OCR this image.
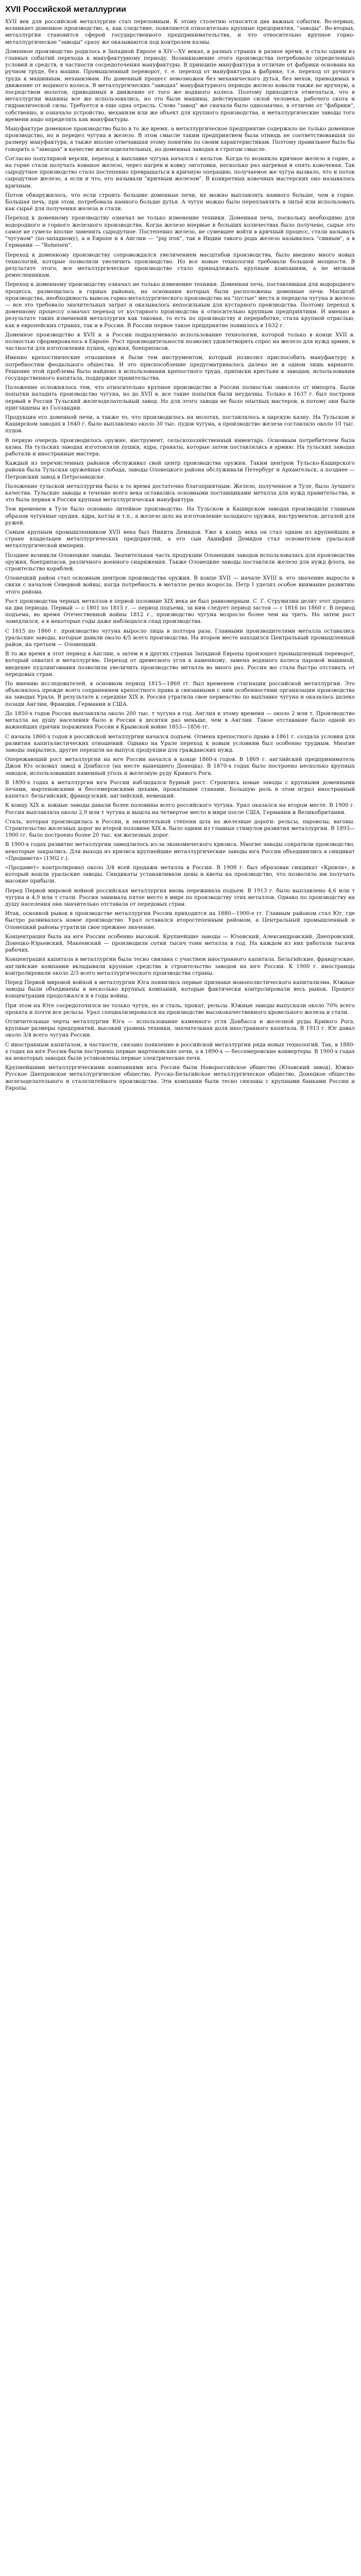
XVII Российской металлургии

XVII век для российской металлургии стал переломным. К этому столетию относятся два важных события. Во-первых, возникает доменное производство, а, как следствие, появляются относительно крупные предприятия, "заводы". Во-вторых, металлургия становится сферой государственного предпринимательства, и что относительно крупное горно-металлургическое "заводы" сразу же оказываются под контролем казны.

Доменное производство родилось в Западной Европе в XIV—XV веках, в разных странах и разное время, и стало одним из главных событий перехода к мануфактурному периоду. Возникновение этого производства потребовало определенных условий и средств, в частности сосредоточения мануфактуры. В принципе мануфактура в отличие от фабрики основана на ручном труде, без машин. Промышленный переворот, т. е. переход от мануфактуры к фабрике, т.е. переход от ручного труда к машинным, механизмам. Но доменный процесс невозможен без механического дутья, без мехов, приводимых в движение от водяного колеса. В металлургических "заводах" мануфактурного периода железо ковали также не вручную, а посредством молотов, приводимых в движение от того же водяного колеса. Поэтому приходится отмечаться, что в металлургии машины все же использовались, но это были машины, действующие силой человека, рабочего скота и гидравлической силы. Требуется в еще одна отрасль. Слово "завод" же сначала было однозначно, в отличие от "фабрики", собственно, и означало устройство, механизм или же объект для крупного производства, и металлургические заводы того времени надо определять как мануфактуры.

Мануфактуре доменное производство было в то же время, а металлургическое предприятие содержало не только доменное производство, но и передел чугуна в железо. В этом смысле таким предприятием была отнюдь не соответствовавшая по размеру мануфактура, а также вполне отвечавшая этому понятию по своим характеристикам. Поэтому правильнее было бы говорить о "заводах" в качестве железоделательных, но доменных заводах в строгом смысле.

Согласно популярной версии, переход к выплавке чугуна начался с кельтов. Когда-то возникло кричное железо в горне, а на горне стали получать кованое железо, через нагрев и ковку заготовки, несколько раз нагревая и опять ковочевая. Так сыродутное производство стало постепенно превращаться в кричную операцию, получаемое же чугун вызвало, что и поток сыродутное железо, а если и что, его называли "кричным железом". В конкретных ковочных мастерских оно называлось кричным.

Потом обнаружилось, что если строить большие доменные печи, их можно выплавлять намного больше, чем в горне. Большая печь, при этом, потребовала намного больше дутья. А чугун можно было переплавлять в литьё или использовать как сырьё для получения железа и стали.

Переход к доменному производству означал не только изменение техники. Доменная печь, поскольку необходимо для водородного и горного железного производства. Когда железо впервые в больших количествах было получено, сырье это самое не сумело вполне заменить сыродутное. Постепенно железо, не сумевшее войти в кричный процесс, стали называть "чугуном" (по-западному), а в Европе и в Англии — "pig iron", так в Индии такого рода железо называлось "свиным", а в Германии — "Roheisen".

Переход к доменному производству сопровождался увеличением масштабов производства, было введено много новых технологий, которые позволили увеличить производство. Но все новые технологии требовали большой мощности. В результате этого, все металлургическое производство стало принадлежать крупным компаниям, а не мелким ремесленникам.

Переход к доменному производству означал не только изменение техники. Доменная печь, поставлявшая для водородного процесса, размещалась в горных районах, на основании которых были расположены доменные печи. Масштаб производства, необходимость вывоза горно-металлургического производства на "пустые" места и передела чугуна в железо — все это требовало значительных затрат и оказывалось непосильным для кустарного производства. Поэтому переход к доменному процессу означал переход от кустарного производства к относительно крупным предприятиям. И именно в результате таких изменений металлургия как таковая, то есть по производству и переработке, стала крупной отраслью, как в европейских странах, так и в России. В России первое такое предприятие появилось в 1632 г.

Доменное производство в XVII в. в России подразумевало использование технологии, которой только в конце XVII в. полностью сформировалось в Европе. Рост производительности позволил удовлетворить спрос на железо для нужд армии, в частности для изготовления пушек, оружия, боеприпасов.

Именно крепостнические отношения и были тем инструментом, который позволил приспособить мануфактуру к потребностям феодального общества. И это приспособление предусматривалось далеко не в одном лишь варианте. Решение этой проблемы было найдено в использовании крепостного труда, приписки крестьян к заводам, использовании государственного капитала, поддержке правительства.

Положение осложнялось тем, что относительно крупное производство в России полностью зависело от импорта. Были попытки наладить производство чугуна, но до XVII в. все такие попытки были неудачны. Только в 1637 г. был построен первый в России Тульский железоделательный завод. Но для этого завода не было опытных мастеров, и потому они были приглашены из Голландии.

Продукция его доменной печи, а также то, что производилось на молотах, поставлялось в царскую казну. На Тульском и Каширском заводах в 1640 г. было выплавлено около 30 тыс. пудов чугуна, а производство железа составляло около 10 тыс. пудов.

В первую очередь производилось оружие, инструмент, сельскохозяйственный инвентарь. Основным потребителем была казна. На тульских заводах изготовляли пушки, ядра, гранаты, которые затем поставлялись в армию. На тульских заводах работали и иностранные мастера.

Каждый из перечисленных районов обслуживал свой центр производства оружия. Таким центром Тульско-Каширского района была Тульская оружейная слобода, заводы Олонецкого района обслуживали Петербург и Архангельск, а позднее — Петровский завод в Петрозаводске.

Положение тульской металлургии было в то время достаточно благоприятным. Железо, полученное в Туле, было лучшего качества. Тульские заводы в течение всего века оставались основными поставщиками металла для нужд правительства, и это была первая в России крупная металлургическая мануфактура.

Тем временем в Туле было основано литейное производство. На Тульском и Каширском заводах производили главным образом чугунные орудия, ядра, котлы и т.п., а железо шло на изготовление холодного оружия, инструментов, деталей для ружей.

Самым крупным промышленником XVII века был Никита Демидов. Уже к концу века он стал одним из крупнейших в стране владельцев металлургических предприятий, а его сын Акинфий Демидов стал основателем уральской металлургической империи.

Позднее возникли Олонецкие заводы. Значительная часть продукции Олонецких заводов использовалась для производства оружия, боеприпасов, различного военного снаряжения. Также Олонецкие заводы поставляли железо для нужд флота, на строительство кораблей.

Олонецкий район стал основным центром производства оружия. В конце XVII — начале XVIII в. его значение выросло в связи с началом Северной войны, когда потребность в металле резко возросла. Петр I уделял особое внимание развитию этого района.

Рост производства черных металлов в первой половине XIX века не был равномерным. С. Г. Струмилин делит этот процесс на два периода. Первый — с 1801 по 1815 г. — период подъема, за ним следует период застоя — с 1816 по 1860 г. В период подъема, во время Отечественной войны 1812 г., производство чугуна возросло более чем на треть. Но затем рост замедлился, а в некоторые годы даже наблюдался спад производства.

С 1815 по 1860 г. производство чугуна выросло лишь в полтора раза. Главными производителями металла оставались уральские заводы, которые давали около 4/5 всего производства. На втором месте находился Центральный промышленный район, на третьем — Олонецкий.

В то же время в этот период в Англии, а затем и в других странах Западной Европы произошел промышленный переворот, который охватил и металлургию. Переход от древесного угля к каменному, замена водяного колеса паровой машиной, введение пудлингования позволили увеличить производство металла во много раз. Россия же стала быстро отставать от передовых стран.

По мнению исследователей, в основном период 1815—1860 гг. был временем стагнации российской металлургии. Это объяснялось прежде всего сохранением крепостного права и связанными с ним особенностями организации производства на заводах Урала. В результате к середине XIX в. Россия утратила свое первенство по выплавке чугуна и оказалась далеко позади Англии, Франции, Германии и США.

До 1850-х годов Россия выплавляла около 200 тыс. т чугуна в год. Англия к этому времени — около 2 млн т. Производство металла на душу населения было в России в десятки раз меньше, чем в Англии. Такое отставание было одной из важнейших причин поражения России в Крымской войне 1853—1856 гг.

С начала 1860-х годов в российской металлургии начался подъем. Отмена крепостного права в 1861 г. создала условия для развития капиталистических отношений. Однако на Урале переход к новым условиям был особенно трудным. Многие заводы закрылись, другие перешли на выпуск продукции для гражданских нужд.

Опережающий рост металлургии на юге России начался в конце 1860-х годов. В 1869 г. английский предприниматель Джон Юз основал завод в Донбассе (на месте нынешнего Донецка). В 1870-х годах было построено несколько крупных заводов, использовавших каменный уголь и железную руду Кривого Рога.

В 1890-х годах в металлургии юга России наблюдался бурный рост. Строились новые заводы с крупными доменными печами, мартеновскими и бессемеровскими цехами, прокатными станами. Большую роль в этом играл иностранный капитал: бельгийский, французский, английский, немецкий.

К концу XIX в. южные заводы давали более половины всего российского чугуна. Урал оказался на втором месте. В 1900 г. Россия выплавляла около 2,9 млн т чугуна и вышла на четвертое место в мире после США, Германии и Великобритании.

Сталь, которая производилась в России, в значительной степени шла на железные дороги: рельсы, паровозы, вагоны. Строительство железных дорог во второй половине XIX в. было одним из главных стимулов развития металлургии. В 1893—1900 гг. было построено более 20 тыс. км железных дорог.

В 1900-х годах развитие металлургии замедлилось из-за экономического кризиса. Многие заводы сократили производство, некоторые закрылись. Для выхода из кризиса крупнейшие металлургические заводы юга России объединились в синдикат «Продамета» (1902 г.).

«Продамет» контролировал около 3/4 всей продажи металла в России. В 1908 г. был образован синдикат «Кровля», в который вошли уральские заводы. Синдикаты устанавливали цены и квоты на производство, что позволяло им получать высокие прибыли.

Перед Первой мировой войной российская металлургия вновь переживала подъем. В 1913 г. было выплавлено 4,6 млн т чугуна и 4,9 млн т стали. Россия занимала пятое место в мире по производству этих металлов. Однако по производству на душу населения она значительно отставала от передовых стран.

Итак, основной рывок в производстве металлургии России приходится на 1880—1900-е гг. Главным районом стал Юг, где быстро развивалось новое производство. Урал оставался второстепенным районом, а Центральный промышленный и Олонецкий районы утратили свое прежнее значение.

Концентрация была на юге России особенно высокой. Крупнейшие заводы — Юзовский, Александровский, Днепровский, Донецко-Юрьевский, Макеевский — производили сотни тысяч тонн металла в год. На каждом из них работали тысячи рабочих.

Концентрация капитала в металлургии была тесно связана с участием иностранного капитала. Бельгийские, французские, английские компании вкладывали крупные средства в строительство заводов на юге России. К 1900 г. иностранцы контролировали около 2/3 всего металлургического производства страны.

Перед Первой мировой войной в металлургии Юга появились первые признаки монополистического капитализма. Южные заводы были объединены в несколько крупных компаний, которые фактически контролировали весь рынок. Процесс концентрации продолжался и в годы войны.

При этом на Юге сосредоточился не только чугун, но и сталь, прокат, рельсы. Южные заводы выпускали около 70% всего проката и почти все рельсы. Урал специализировался на производстве высококачественного кровельного железа и стали.

Отличительные черты металлургии Юга — использование каменного угля Донбасса и железной руды Кривого Рога, крупные размеры предприятий, высокий уровень техники, значительная доля иностранного капитала. В 1913 г. Юг давал около 3/4 всего чугуна России.

С иностранным капиталом, в частности, связано появление в российской металлургии ряда новых технологий. Так, в 1880-х годах на юге России были построены первые мартеновские печи, а в 1890-х — бессемеровские конвертеры. В 1900-х годах на некоторых заводах были установлены первые электрические печи.

Крупнейшими металлургическими компаниями юга России были Новороссийское общество (Юзовский завод), Южно-Русское Днепровское металлургическое общество, Русско-Бельгийское металлургическое общество, Донецкое общество железоделательного и сталелитейного производства. Эти компании были тесно связаны с крупными банками России и Европы.
